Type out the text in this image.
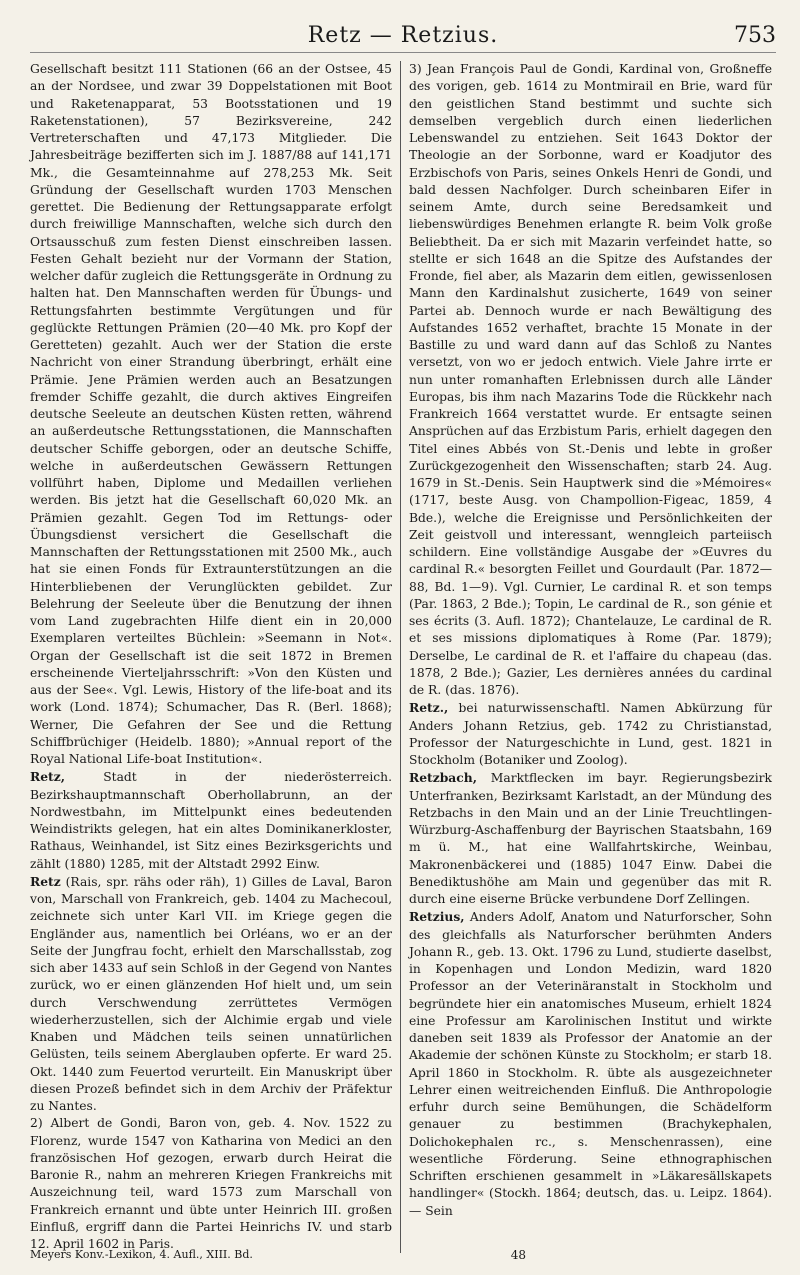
Retz — Retzius.	753

Gesellschaft besitzt 111 Stationen (66 an der Ostsee, 45 an der Nordsee, und zwar 39 Doppelstationen mit Boot und Raketenapparat, 53 Bootsstationen und 19 Raketenstationen), 57 Bezirksvereine, 242 Vertreterschaften und 47,173 Mitglieder. Die Jahresbeiträge bezifferten sich im J. 1887/88 auf 141,171 Mk., die Gesamteinnahme auf 278,253 Mk. Seit Gründung der Gesellschaft wurden 1703 Menschen gerettet. Die Bedienung der Rettungsapparate erfolgt durch freiwillige Mannschaften, welche sich durch den Ortsausschuß zum festen Dienst einschreiben lassen. Festen Gehalt bezieht nur der Vormann der Station, welcher dafür zugleich die Rettungsgeräte in Ordnung zu halten hat. Den Mannschaften werden für Übungs- und Rettungsfahrten bestimmte Vergütungen und für geglückte Rettungen Prämien (20—40 Mk. pro Kopf der Geretteten) gezahlt. Auch wer der Station die erste Nachricht von einer Strandung überbringt, erhält eine Prämie. Jene Prämien werden auch an Besatzungen fremder Schiffe gezahlt, die durch aktives Eingreifen deutsche Seeleute an deutschen Küsten retten, während an außerdeutsche Rettungsstationen, die Mannschaften deutscher Schiffe geborgen, oder an deutsche Schiffe, welche in außerdeutschen Gewässern Rettungen vollführt haben, Diplome und Medaillen verliehen werden. Bis jetzt hat die Gesellschaft 60,020 Mk. an Prämien gezahlt. Gegen Tod im Rettungs- oder Übungsdienst versichert die Gesellschaft die Mannschaften der Rettungsstationen mit 2500 Mk., auch hat sie einen Fonds für Extraunterstützungen an die Hinterbliebenen der Verunglückten gebildet. Zur Belehrung der Seeleute über die Benutzung der ihnen vom Land zugebrachten Hilfe dient ein in 20,000 Exemplaren verteiltes Büchlein: »Seemann in Not«. Organ der Gesellschaft ist die seit 1872 in Bremen erscheinende Vierteljahrsschrift: »Von den Küsten und aus der See«. Vgl. Lewis, History of the life-boat and its work (Lond. 1874); Schumacher, Das R. (Berl. 1868); Werner, Die Gefahren der See und die Rettung Schiffbrüchiger (Heidelb. 1880); »Annual report of the Royal National Life-boat Institution«.

Retz, Stadt in der niederösterreich. Bezirkshauptmannschaft Oberhollabrunn, an der Nordwestbahn, im Mittelpunkt eines bedeutenden Weindistrikts gelegen, hat ein altes Dominikanerkloster, Rathaus, Weinhandel, ist Sitz eines Bezirksgerichts und zählt (1880) 1285, mit der Altstadt 2992 Einw.

Retz (Rais, spr. rähs oder räh), 1) Gilles de Laval, Baron von, Marschall von Frankreich, geb. 1404 zu Machecoul, zeichnete sich unter Karl VII. im Kriege gegen die Engländer aus, namentlich bei Orléans, wo er an der Seite der Jungfrau focht, erhielt den Marschallsstab, zog sich aber 1433 auf sein Schloß in der Gegend von Nantes zurück, wo er einen glänzenden Hof hielt und, um sein durch Verschwendung zerrüttetes Vermögen wiederherzustellen, sich der Alchimie ergab und viele Knaben und Mädchen teils seinen unnatürlichen Gelüsten, teils seinem Aberglauben opferte. Er ward 25. Okt. 1440 zum Feuertod verurteilt. Ein Manuskript über diesen Prozeß befindet sich in dem Archiv der Präfektur zu Nantes.

2) Albert de Gondi, Baron von, geb. 4. Nov. 1522 zu Florenz, wurde 1547 von Katharina von Medici an den französischen Hof gezogen, erwarb durch Heirat die Baronie R., nahm an mehreren Kriegen Frankreichs mit Auszeichnung teil, ward 1573 zum Marschall von Frankreich ernannt und übte unter Heinrich III. großen Einfluß, ergriff dann die Partei Heinrichs IV. und starb 12. April 1602 in Paris.

3) Jean François Paul de Gondi, Kardinal von, Großneffe des vorigen, geb. 1614 zu Montmirail en Brie, ward für den geistlichen Stand bestimmt und suchte sich demselben vergeblich durch einen liederlichen Lebenswandel zu entziehen. Seit 1643 Doktor der Theologie an der Sorbonne, ward er Koadjutor des Erzbischofs von Paris, seines Onkels Henri de Gondi, und bald dessen Nachfolger. Durch scheinbaren Eifer in seinem Amte, durch seine Beredsamkeit und liebenswürdiges Benehmen erlangte R. beim Volk große Beliebtheit. Da er sich mit Mazarin verfeindet hatte, so stellte er sich 1648 an die Spitze des Aufstandes der Fronde, fiel aber, als Mazarin dem eitlen, gewissenlosen Mann den Kardinalshut zusicherte, 1649 von seiner Partei ab. Dennoch wurde er nach Bewältigung des Aufstandes 1652 verhaftet, brachte 15 Monate in der Bastille zu und ward dann auf das Schloß zu Nantes versetzt, von wo er jedoch entwich. Viele Jahre irrte er nun unter romanhaften Erlebnissen durch alle Länder Europas, bis ihm nach Mazarins Tode die Rückkehr nach Frankreich 1664 verstattet wurde. Er entsagte seinen Ansprüchen auf das Erzbistum Paris, erhielt dagegen den Titel eines Abbés von St.-Denis und lebte in großer Zurückgezogenheit den Wissenschaften; starb 24. Aug. 1679 in St.-Denis. Sein Hauptwerk sind die »Mémoires« (1717, beste Ausg. von Champollion-Figeac, 1859, 4 Bde.), welche die Ereignisse und Persönlichkeiten der Zeit geistvoll und interessant, wenngleich parteiisch schildern. Eine vollständige Ausgabe der »Œuvres du cardinal R.« besorgten Feillet und Gourdault (Par. 1872—88, Bd. 1—9). Vgl. Curnier, Le cardinal R. et son temps (Par. 1863, 2 Bde.); Topin, Le cardinal de R., son génie et ses écrits (3. Aufl. 1872); Chantelauze, Le cardinal de R. et ses missions diplomatiques à Rome (Par. 1879); Derselbe, Le cardinal de R. et l'affaire du chapeau (das. 1878, 2 Bde.); Gazier, Les dernières années du cardinal de R. (das. 1876).

Retz., bei naturwissenschaftl. Namen Abkürzung für Anders Johann Retzius, geb. 1742 zu Christianstad, Professor der Naturgeschichte in Lund, gest. 1821 in Stockholm (Botaniker und Zoolog).

Retzbach, Marktflecken im bayr. Regierungsbezirk Unterfranken, Bezirksamt Karlstadt, an der Mündung des Retzbachs in den Main und an der Linie Treuchtlingen-Würzburg-Aschaffenburg der Bayrischen Staatsbahn, 169 m ü. M., hat eine Wallfahrtskirche, Weinbau, Makronenbäckerei und (1885) 1047 Einw. Dabei die Benediktushöhe am Main und gegenüber das mit R. durch eine eiserne Brücke verbundene Dorf Zellingen.

Retzius, Anders Adolf, Anatom und Naturforscher, Sohn des gleichfalls als Naturforscher berühmten Anders Johann R., geb. 13. Okt. 1796 zu Lund, studierte daselbst, in Kopenhagen und London Medizin, ward 1820 Professor an der Veterinäranstalt in Stockholm und begründete hier ein anatomisches Museum, erhielt 1824 eine Professur am Karolinischen Institut und wirkte daneben seit 1839 als Professor der Anatomie an der Akademie der schönen Künste zu Stockholm; er starb 18. April 1860 in Stockholm. R. übte als ausgezeichneter Lehrer einen weitreichenden Einfluß. Die Anthropologie erfuhr durch seine Bemühungen, die Schädelform genauer zu bestimmen (Brachykephalen, Dolichokephalen rc., s. Menschenrassen), eine wesentliche Förderung. Seine ethnographischen Schriften erschienen gesammelt in »Läkaresällskapets handlinger« (Stockh. 1864; deutsch, das. u. Leipz. 1864). — Sein

Meyers Konv.-Lexikon, 4. Aufl., XIII. Bd.	48
